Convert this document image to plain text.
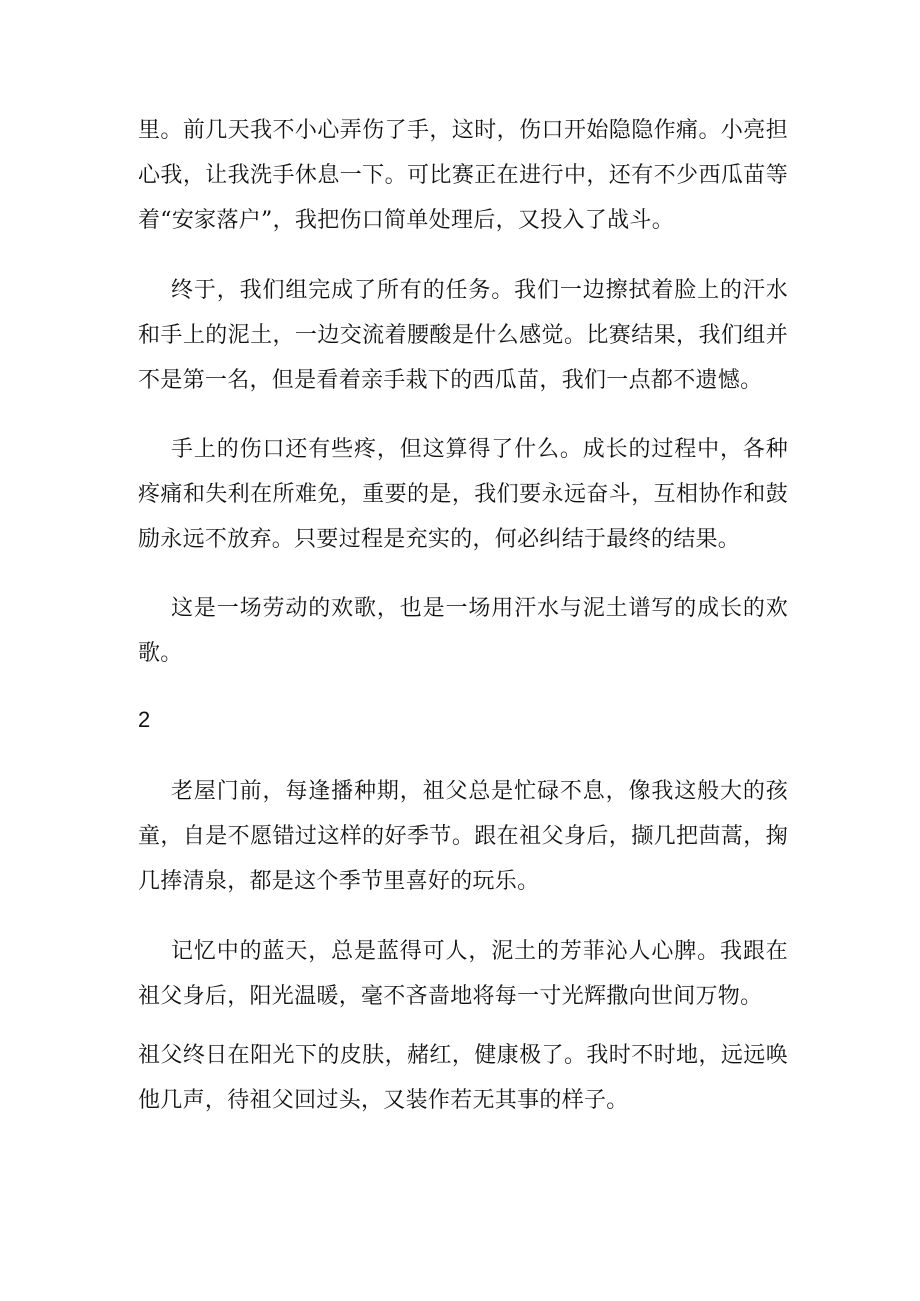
里。前几天我不小心弄伤了手，这时，伤口开始隐隐作痛。小亮担心我，让我洗手休息一下。可比赛正在进行中，还有不少西瓜苗等着“安家落户”，我把伤口简单处理后，又投入了战斗。

终于，我们组完成了所有的任务。我们一边擦拭着脸上的汗水和手上的泥土，一边交流着腰酸是什么感觉。比赛结果，我们组并不是第一名，但是看着亲手栽下的西瓜苗，我们一点都不遗憾。

手上的伤口还有些疼，但这算得了什么。成长的过程中，各种疼痛和失利在所难免，重要的是，我们要永远奋斗，互相协作和鼓励永远不放弃。只要过程是充实的，何必纠结于最终的结果。

这是一场劳动的欢歌，也是一场用汗水与泥土谱写的成长的欢歌。

2

老屋门前，每逢播种期，祖父总是忙碌不息，像我这般大的孩童，自是不愿错过这样的好季节。跟在祖父身后，撷几把茴蒿，掬几捧清泉，都是这个季节里喜好的玩乐。

记忆中的蓝天，总是蓝得可人，泥土的芳菲沁人心脾。我跟在祖父身后，阳光温暖，毫不吝啬地将每一寸光辉撒向世间万物。

祖父终日在阳光下的皮肤，赭红，健康极了。我时不时地，远远唤他几声，待祖父回过头，又装作若无其事的样子。
